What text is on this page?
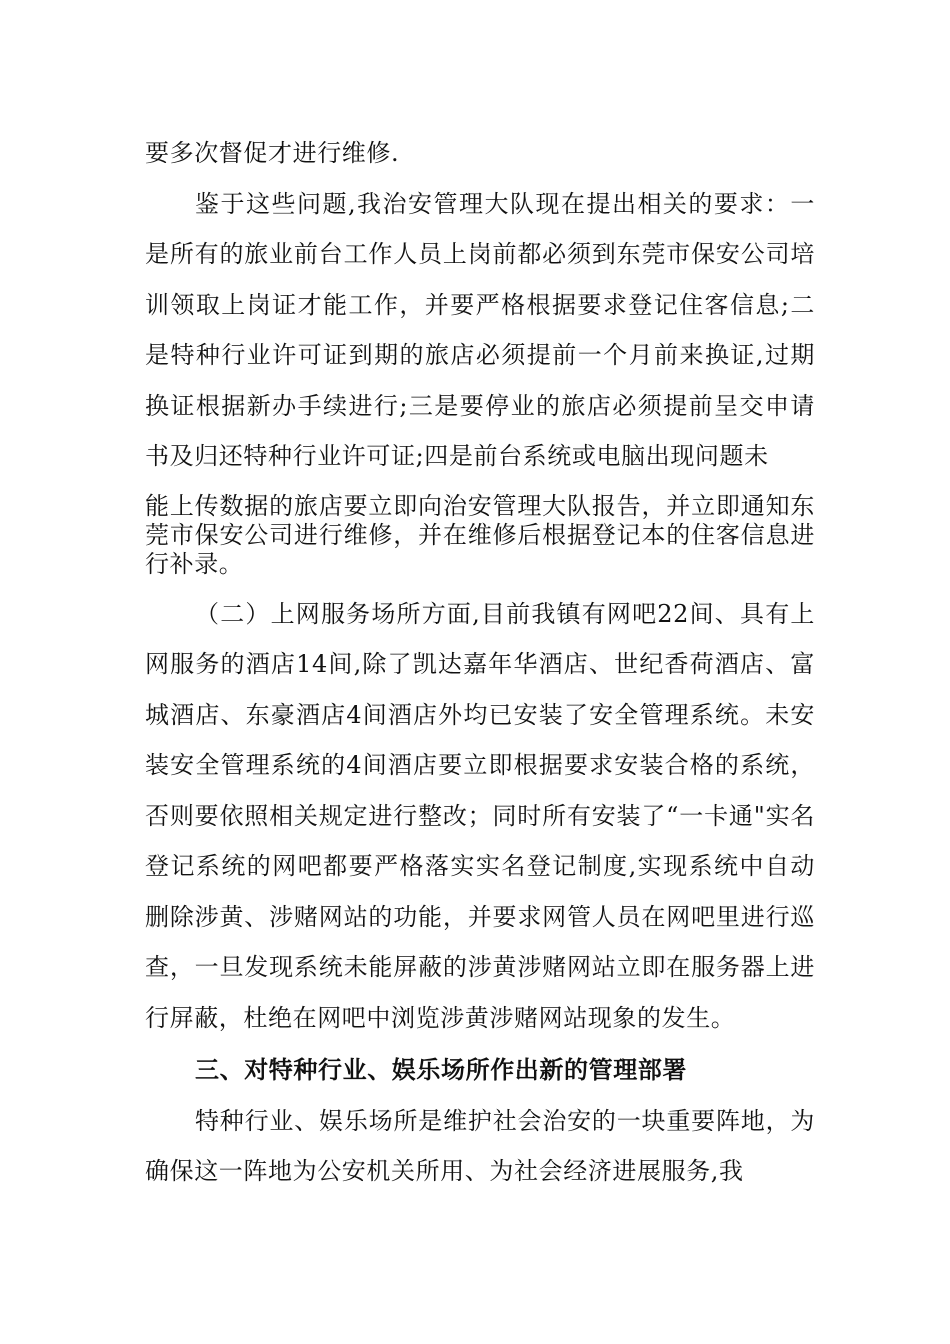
要多次督促才进行维修.

鉴于这些问题,我治安管理大队现在提出相关的要求：一是所有的旅业前台工作人员上岗前都必须到东莞市保安公司培训领取上岗证才能工作，并要严格根据要求登记住客信息;二是特种行业许可证到期的旅店必须提前一个月前来换证,过期换证根据新办手续进行;三是要停业的旅店必须提前呈交申请书及归还特种行业许可证;四是前台系统或电脑出现问题未

能上传数据的旅店要立即向治安管理大队报告，并立即通知东莞市保安公司进行维修，并在维修后根据登记本的住客信息进行补录。

（二）上网服务场所方面,目前我镇有网吧22间、具有上网服务的酒店14间,除了凯达嘉年华酒店、世纪香荷酒店、富城酒店、东豪酒店4间酒店外均已安装了安全管理系统。未安装安全管理系统的4间酒店要立即根据要求安装合格的系统，否则要依照相关规定进行整改；同时所有安装了“一卡通"实名登记系统的网吧都要严格落实实名登记制度,实现系统中自动删除涉黄、涉赌网站的功能，并要求网管人员在网吧里进行巡查，一旦发现系统未能屏蔽的涉黄涉赌网站立即在服务器上进行屏蔽，杜绝在网吧中浏览涉黄涉赌网站现象的发生。

三、对特种行业、娱乐场所作出新的管理部署

特种行业、娱乐场所是维护社会治安的一块重要阵地，为确保这一阵地为公安机关所用、为社会经济进展服务,我
